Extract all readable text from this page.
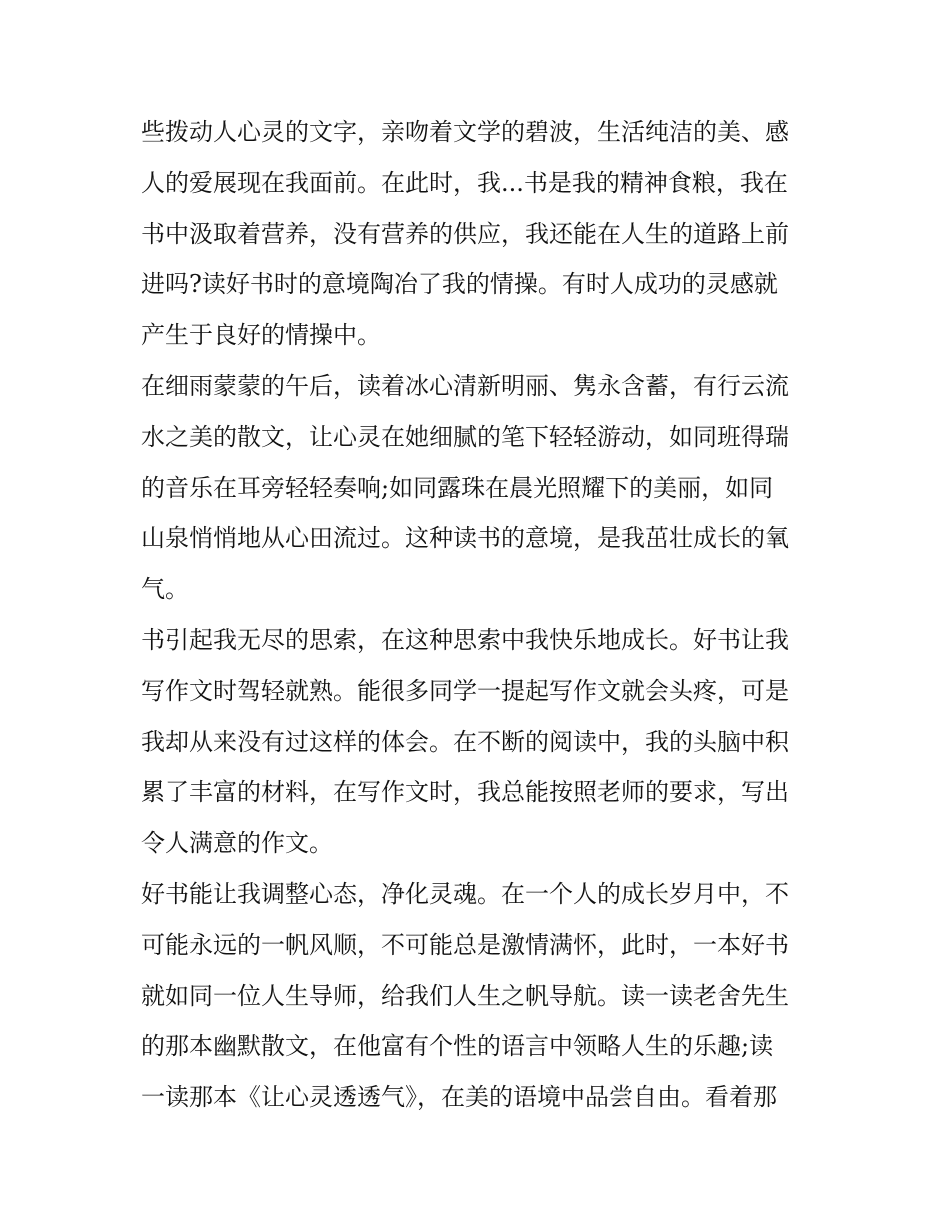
些拨动人心灵的文字，亲吻着文学的碧波，生活纯洁的美、感
人的爱展现在我面前。在此时，我...书是我的精神食粮，我在
书中汲取着营养，没有营养的供应，我还能在人生的道路上前
进吗?读好书时的意境陶冶了我的情操。有时人成功的灵感就
产生于良好的情操中。
在细雨蒙蒙的午后，读着冰心清新明丽、隽永含蓄，有行云流
水之美的散文，让心灵在她细腻的笔下轻轻游动，如同班得瑞
的音乐在耳旁轻轻奏响;如同露珠在晨光照耀下的美丽，如同
山泉悄悄地从心田流过。这种读书的意境，是我茁壮成长的氧
气。
书引起我无尽的思索，在这种思索中我快乐地成长。好书让我
写作文时驾轻就熟。能很多同学一提起写作文就会头疼，可是
我却从来没有过这样的体会。在不断的阅读中，我的头脑中积
累了丰富的材料，在写作文时，我总能按照老师的要求，写出
令人满意的作文。
好书能让我调整心态，净化灵魂。在一个人的成长岁月中，不
可能永远的一帆风顺，不可能总是激情满怀，此时，一本好书
就如同一位人生导师，给我们人生之帆导航。读一读老舍先生
的那本幽默散文，在他富有个性的语言中领略人生的乐趣;读
一读那本《让心灵透透气》，在美的语境中品尝自由。看着那
